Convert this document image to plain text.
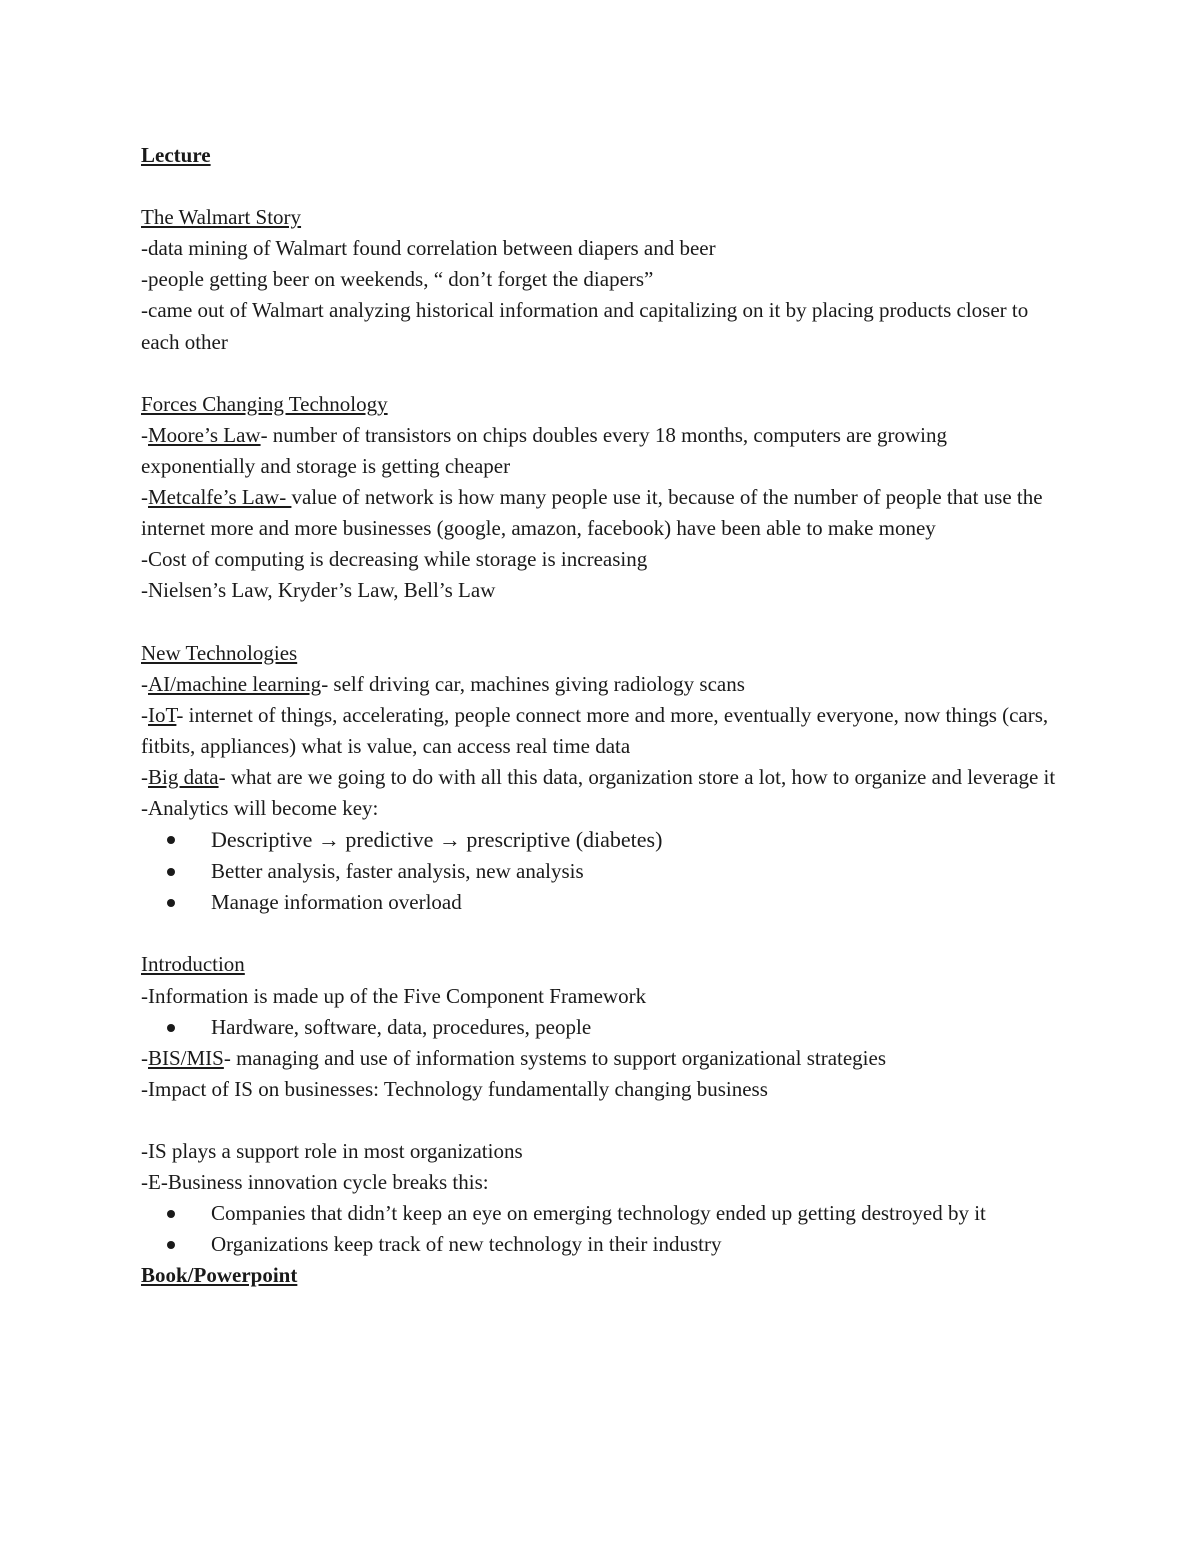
Lecture

The Walmart Story

-data mining of Walmart found correlation between diapers and beer

-people getting beer on weekends, “ don’t forget the diapers”

-came out of Walmart analyzing historical information and capitalizing on it by placing products closer to each other

Forces Changing Technology

-Moore’s Law- number of transistors on chips doubles every 18 months, computers are growing exponentially and storage is getting cheaper

-Metcalfe’s Law- value of network is how many people use it, because of the number of people that use the internet more and more businesses (google, amazon, facebook) have been able to make money

-Cost of computing is decreasing while storage is increasing

-Nielsen’s Law, Kryder’s Law, Bell’s Law

New Technologies

-AI/machine learning- self driving car, machines giving radiology scans

-IoT- internet of things, accelerating, people connect more and more, eventually everyone, now things (cars, fitbits, appliances) what is value, can access real time data

-Big data- what are we going to do with all this data, organization store a lot, how to organize and leverage it

-Analytics will become key:

Descriptive → predictive → prescriptive (diabetes)
Better analysis, faster analysis, new analysis
Manage information overload

Introduction

-Information is made up of the Five Component Framework

Hardware, software, data, procedures, people

-BIS/MIS- managing and use of information systems to support organizational strategies

-Impact of IS on businesses: Technology fundamentally changing business

-IS plays a support role in most organizations

-E-Business innovation cycle breaks this:

Companies that didn’t keep an eye on emerging technology ended up getting destroyed by it
Organizations keep track of new technology in their industry

Book/Powerpoint
